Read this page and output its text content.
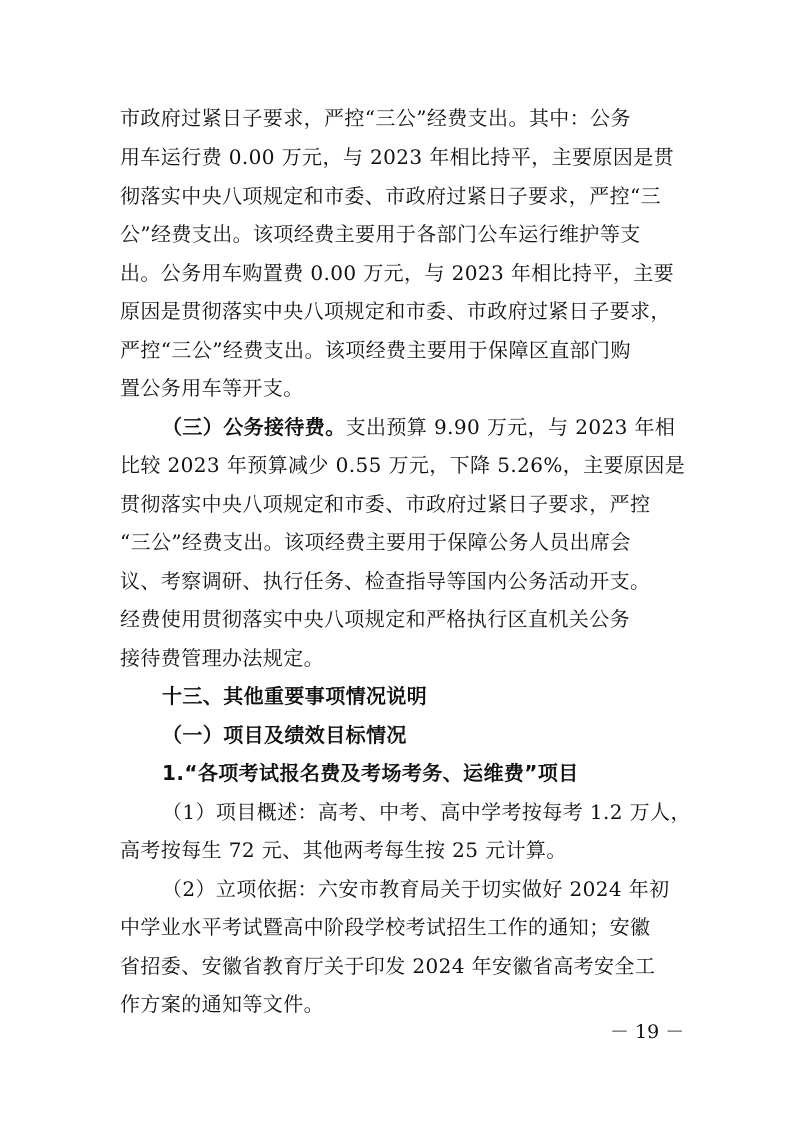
市政府过紧日子要求，严控“三公”经费支出。其中：公务
用车运行费 0.00 万元，与 2023 年相比持平，主要原因是贯
彻落实中央八项规定和市委、市政府过紧日子要求，严控“三
公”经费支出。该项经费主要用于各部门公车运行维护等支
出。公务用车购置费 0.00 万元，与 2023 年相比持平，主要
原因是贯彻落实中央八项规定和市委、市政府过紧日子要求，
严控“三公”经费支出。该项经费主要用于保障区直部门购
置公务用车等开支。
（三）公务接待费。支出预算 9.90 万元，与 2023 年相
比较 2023 年预算减少 0.55 万元，下降 5.26%，主要原因是
贯彻落实中央八项规定和市委、市政府过紧日子要求，严控
“三公”经费支出。该项经费主要用于保障公务人员出席会
议、考察调研、执行任务、检查指导等国内公务活动开支。
经费使用贯彻落实中央八项规定和严格执行区直机关公务
接待费管理办法规定。
十三、其他重要事项情况说明
（一）项目及绩效目标情况
1.“各项考试报名费及考场考务、运维费”项目
（1）项目概述：高考、中考、高中学考按每考 1.2 万人，
高考按每生 72 元、其他两考每生按 25 元计算。
（2）立项依据：六安市教育局关于切实做好 2024 年初
中学业水平考试暨高中阶段学校考试招生工作的通知；安徽
省招委、安徽省教育厅关于印发 2024 年安徽省高考安全工
作方案的通知等文件。
－ 19 －
